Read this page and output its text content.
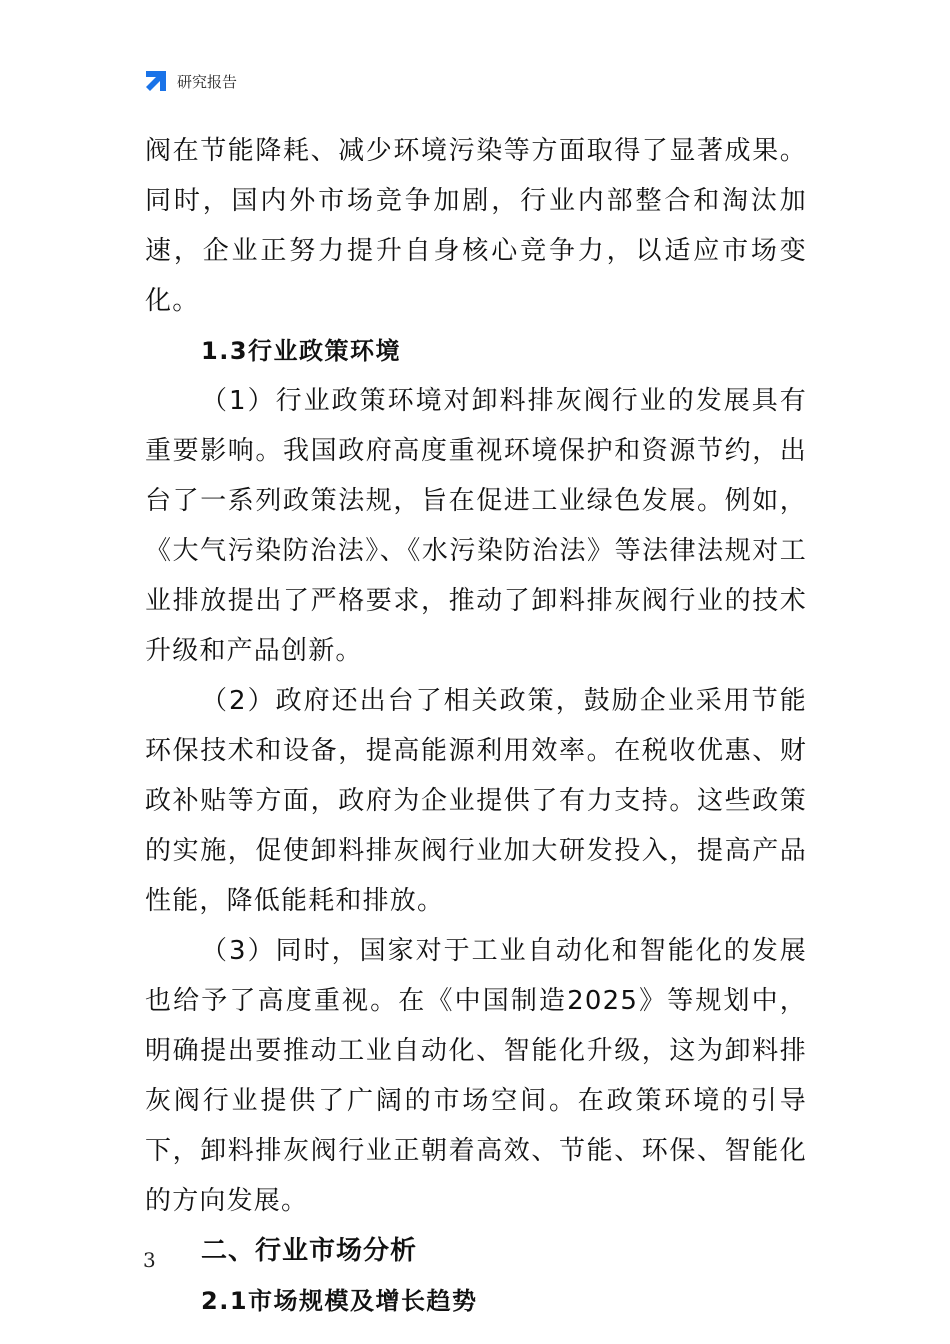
研究报告

阀在节能降耗、减少环境污染等方面取得了显著成果。同时，国内外市场竞争加剧，行业内部整合和淘汰加速，企业正努力提升自身核心竞争力，以适应市场变化。

1.3行业政策环境

（1）行业政策环境对卸料排灰阀行业的发展具有重要影响。我国政府高度重视环境保护和资源节约，出台了一系列政策法规，旨在促进工业绿色发展。例如，《大气污染防治法》、《水污染防治法》等法律法规对工业排放提出了严格要求，推动了卸料排灰阀行业的技术升级和产品创新。

（2）政府还出台了相关政策，鼓励企业采用节能环保技术和设备，提高能源利用效率。在税收优惠、财政补贴等方面，政府为企业提供了有力支持。这些政策的实施，促使卸料排灰阀行业加大研发投入，提高产品性能，降低能耗和排放。

（3）同时，国家对于工业自动化和智能化的发展也给予了高度重视。在《中国制造2025》等规划中，明确提出要推动工业自动化、智能化升级，这为卸料排灰阀行业提供了广阔的市场空间。在政策环境的引导下，卸料排灰阀行业正朝着高效、节能、环保、智能化的方向发展。

二、行业市场分析
2.1市场规模及增长趋势
3
